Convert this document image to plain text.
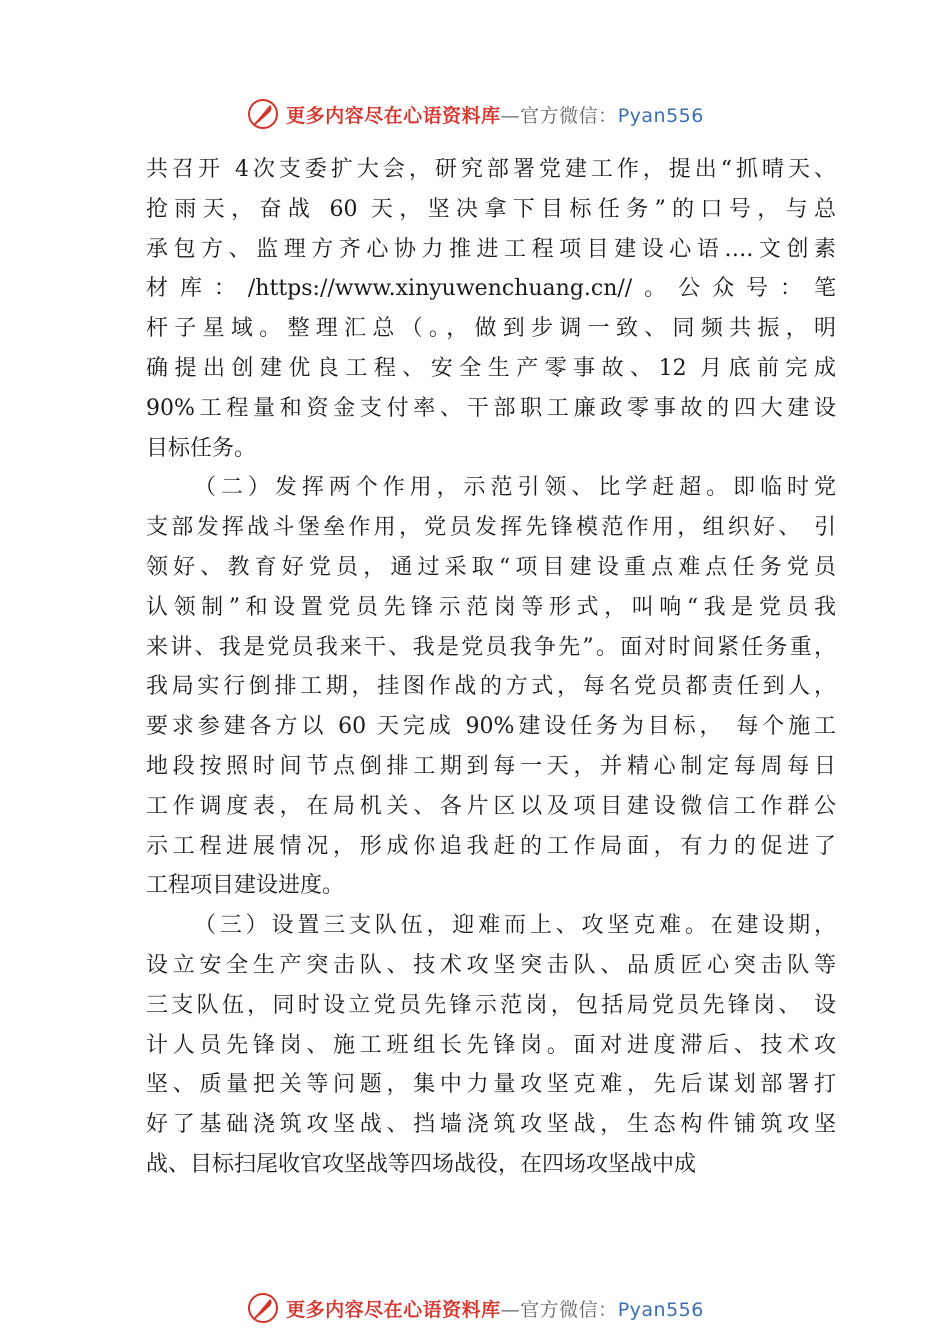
更多内容尽在心语资料库—官方微信：Pyan556
共召开 4次支委扩大会，研究部署党建工作，提出“抓晴天、
抢雨天，奋战 60 天，坚决拿下目标任务”的口号，与总
承包方、监理方齐心协力推进工程项目建设心语….文创素
材库：/https://www.xinyuwenchuang.cn//。公众号：笔
杆子星域。整理汇总（。，做到步调一致、同频共振，明
确提出创建优良工程、安全生产零事故、12 月底前完成
90%工程量和资金支付率、干部职工廉政零事故的四大建设
目标任务。
（二）发挥两个作用，示范引领、比学赶超。即临时党
支部发挥战斗堡垒作用，党员发挥先锋模范作用，组织好、 引
领好、教育好党员，通过采取“项目建设重点难点任务党员
认领制”和设置党员先锋示范岗等形式，叫响“我是党员我
来讲、我是党员我来干、我是党员我争先”。面对时间紧任务重，
我局实行倒排工期，挂图作战的方式，每名党员都责任到人，
要求参建各方以 60 天完成 90%建设任务为目标， 每个施工
地段按照时间节点倒排工期到每一天，并精心制定每周每日
工作调度表，在局机关、各片区以及项目建设微信工作群公
示工程进展情况，形成你追我赶的工作局面，有力的促进了
工程项目建设进度。
（三）设置三支队伍，迎难而上、攻坚克难。在建设期，
设立安全生产突击队、技术攻坚突击队、品质匠心突击队等
三支队伍，同时设立党员先锋示范岗，包括局党员先锋岗、 设
计人员先锋岗、施工班组长先锋岗。面对进度滞后、技术攻
坚、质量把关等问题，集中力量攻坚克难，先后谋划部署打
好了基础浇筑攻坚战、挡墙浇筑攻坚战，生态构件铺筑攻坚
战、目标扫尾收官攻坚战等四场战役，在四场攻坚战中成
更多内容尽在心语资料库—官方微信：Pyan556
